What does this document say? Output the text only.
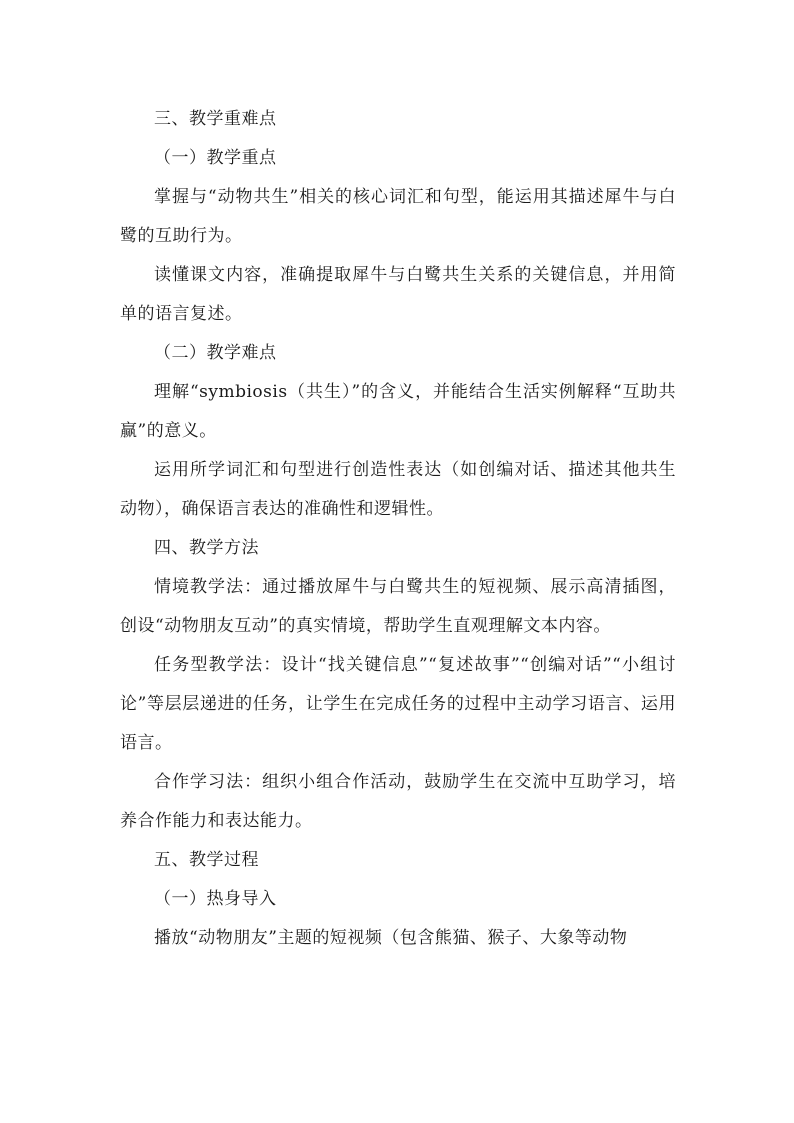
三、教学重难点

（一）教学重点

掌握与“动物共生”相关的核心词汇和句型，能运用其描述犀牛与白鹭的互助行为。

读懂课文内容，准确提取犀牛与白鹭共生关系的关键信息，并用简单的语言复述。

（二）教学难点

理解“symbiosis（共生）”的含义，并能结合生活实例解释“互助共赢”的意义。

运用所学词汇和句型进行创造性表达（如创编对话、描述其他共生动物），确保语言表达的准确性和逻辑性。

四、教学方法

情境教学法：通过播放犀牛与白鹭共生的短视频、展示高清插图，创设“动物朋友互动”的真实情境，帮助学生直观理解文本内容。

任务型教学法：设计“找关键信息”“复述故事”“创编对话”“小组讨论”等层层递进的任务，让学生在完成任务的过程中主动学习语言、运用语言。

合作学习法：组织小组合作活动，鼓励学生在交流中互助学习，培养合作能力和表达能力。

五、教学过程

（一）热身导入

播放“动物朋友”主题的短视频（包含熊猫、猴子、大象等动物
